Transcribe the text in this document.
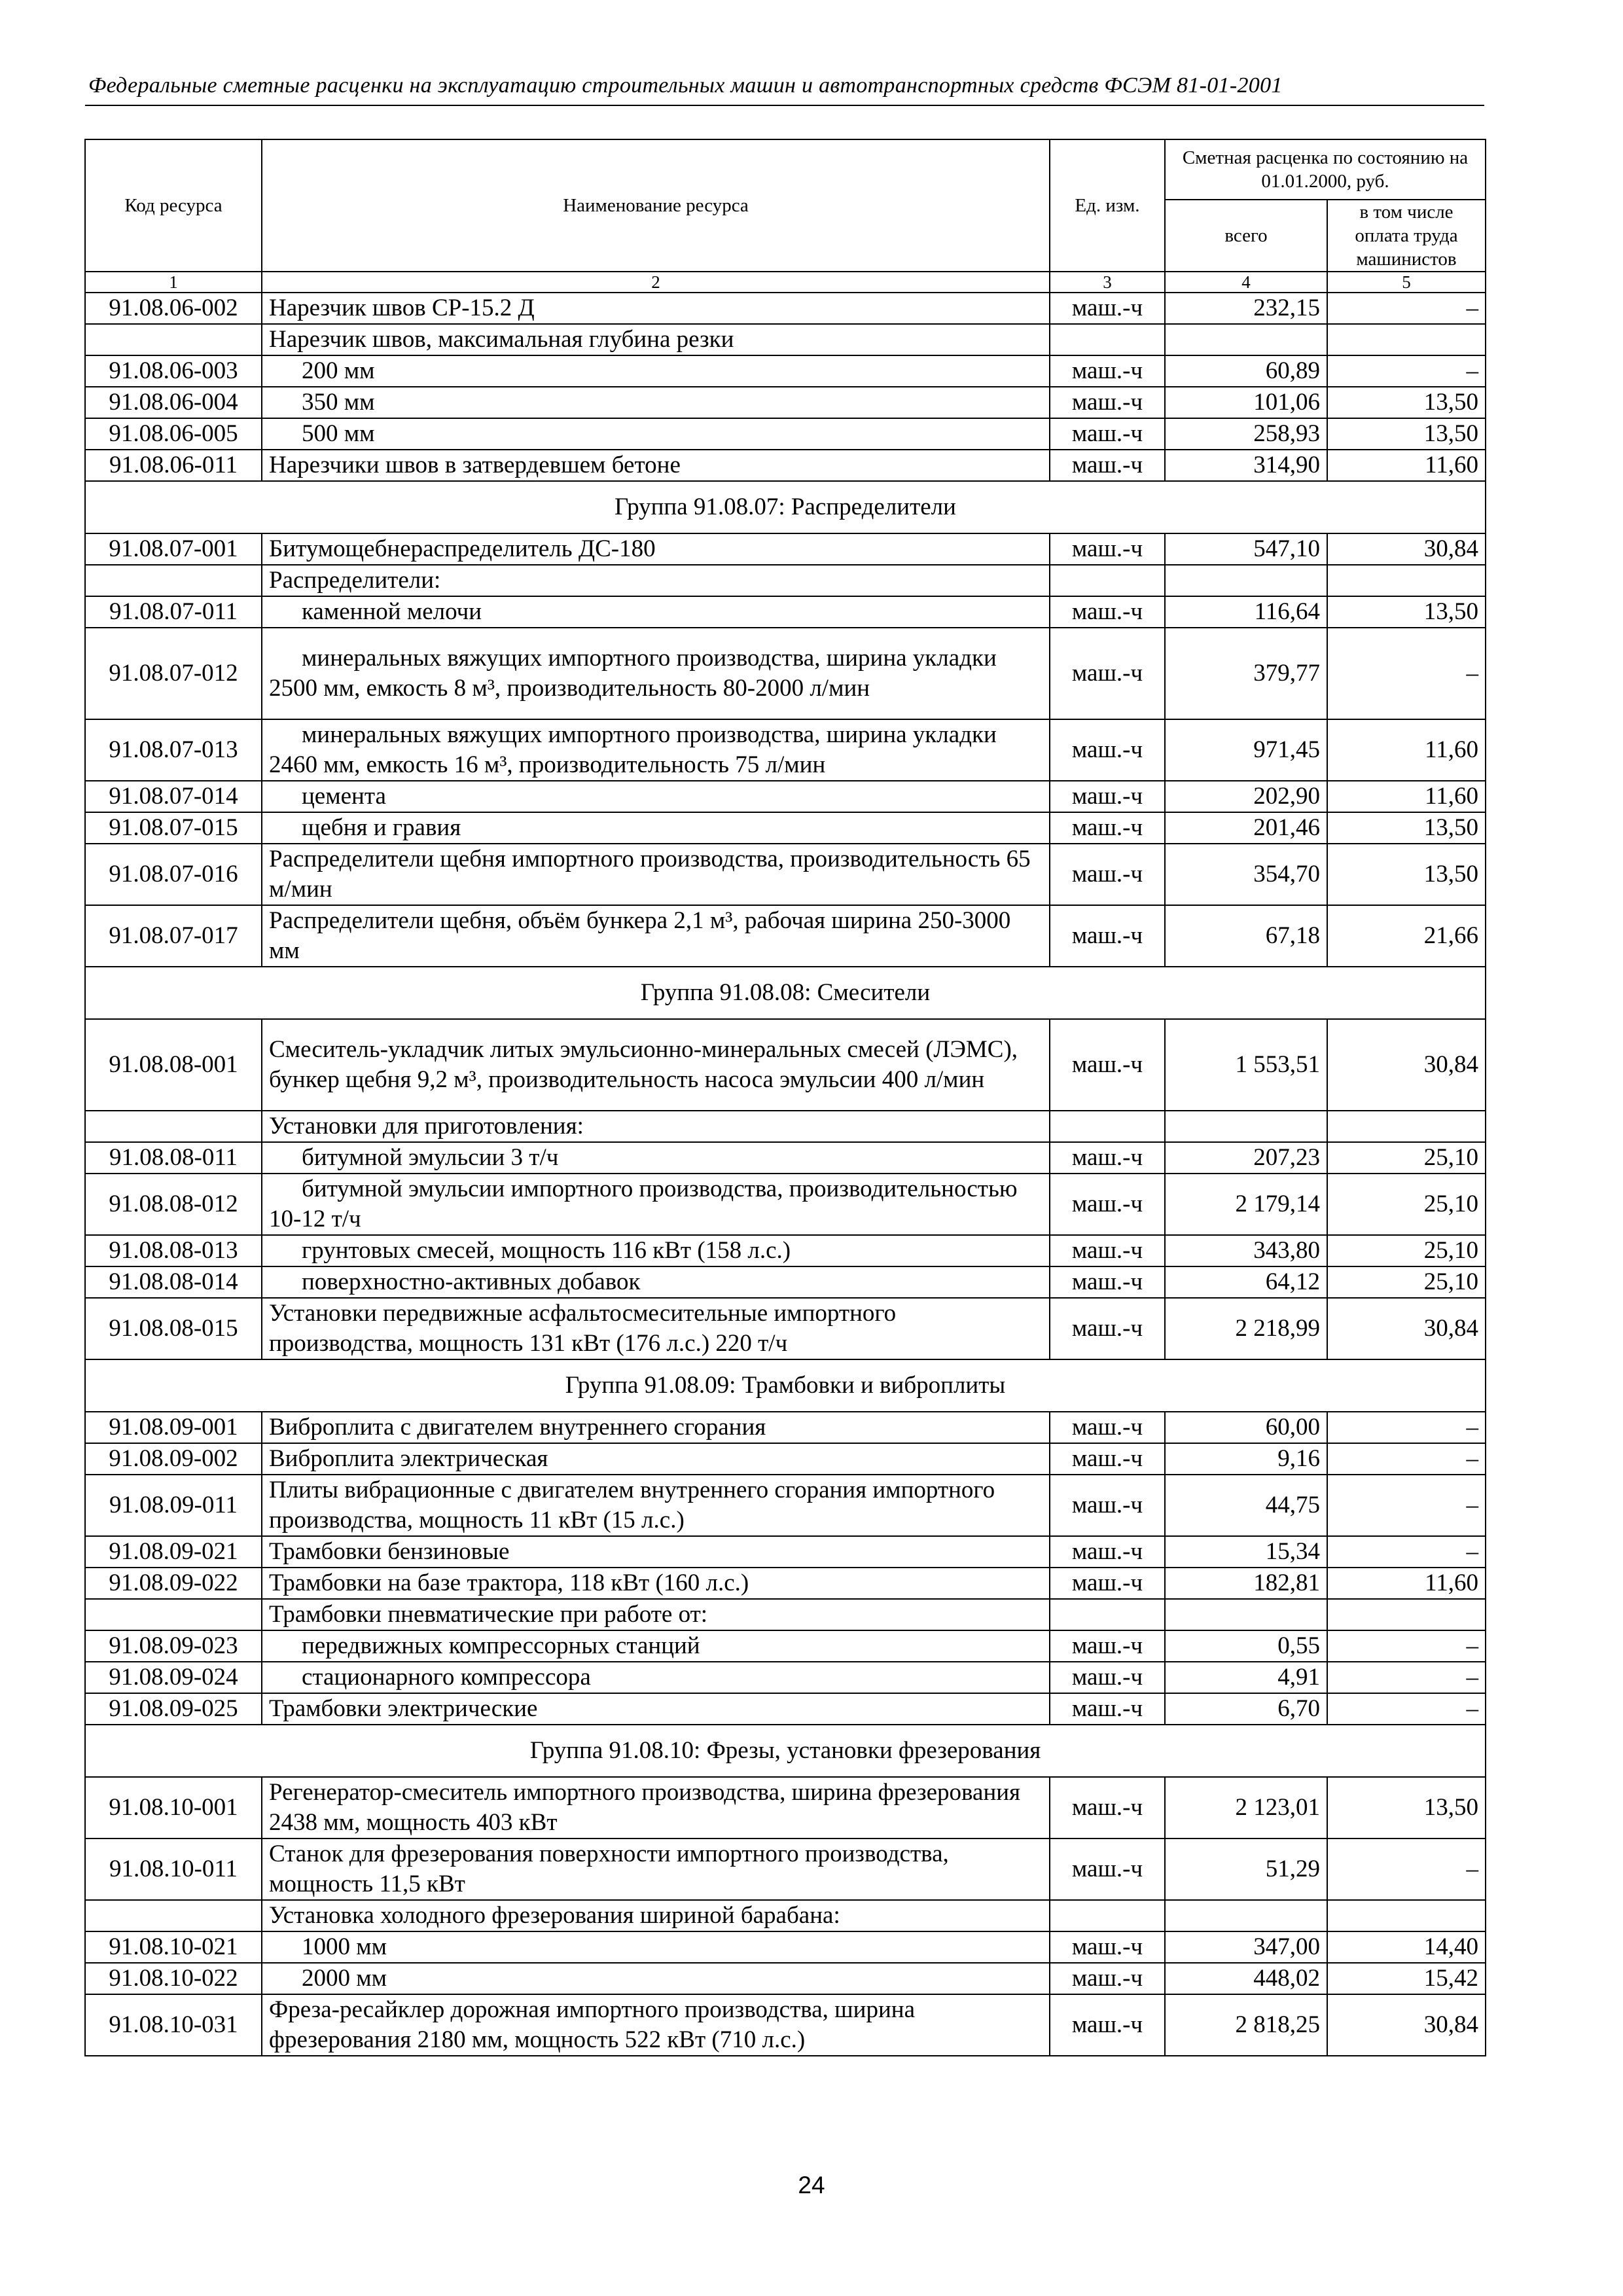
Федеральные сметные расценки на эксплуатацию строительных машин и автотранспортных средств ФСЭМ 81-01-2001
Код ресурса	Наименование ресурса	Ед. изм.	Сметная расценка по состоянию на 01.01.2000, руб.	
			всего	в том числе оплата труда машинистов
1	2	3	4	5
91.08.06-002	Нарезчик швов СР-15.2 Д	маш.-ч	232,15	–
	Нарезчик швов, максимальная глубина резки			
91.08.06-003	200 мм	маш.-ч	60,89	–
91.08.06-004	350 мм	маш.-ч	101,06	13,50
91.08.06-005	500 мм	маш.-ч	258,93	13,50
91.08.06-011	Нарезчики швов в затвердевшем бетоне	маш.-ч	314,90	11,60
Группа 91.08.07: Распределители				
91.08.07-001	Битумощебнераспределитель ДС-180	маш.-ч	547,10	30,84
	Распределители:			
91.08.07-011	каменной мелочи	маш.-ч	116,64	13,50
91.08.07-012	минеральных вяжущих импортного производства, ширина укладки 2500 мм, емкость 8 м³, производительность 80-2000 л/мин	маш.-ч	379,77	–
91.08.07-013	минеральных вяжущих импортного производства, ширина укладки 2460 мм, емкость 16 м³, производительность 75 л/мин	маш.-ч	971,45	11,60
91.08.07-014	цемента	маш.-ч	202,90	11,60
91.08.07-015	щебня и гравия	маш.-ч	201,46	13,50
91.08.07-016	Распределители щебня импортного производства, производительность 65 м/мин	маш.-ч	354,70	13,50
91.08.07-017	Распределители щебня, объём бункера 2,1 м³, рабочая ширина 250-3000 мм	маш.-ч	67,18	21,66
Группа 91.08.08: Смесители				
91.08.08-001	Смеситель-укладчик литых эмульсионно-минеральных смесей (ЛЭМС), бункер щебня 9,2 м³, производительность насоса эмульсии 400 л/мин	маш.-ч	1 553,51	30,84
	Установки для приготовления:			
91.08.08-011	битумной эмульсии 3 т/ч	маш.-ч	207,23	25,10
91.08.08-012	битумной эмульсии импортного производства, производительностью 10-12 т/ч	маш.-ч	2 179,14	25,10
91.08.08-013	грунтовых смесей, мощность 116 кВт (158 л.с.)	маш.-ч	343,80	25,10
91.08.08-014	поверхностно-активных добавок	маш.-ч	64,12	25,10
91.08.08-015	Установки передвижные асфальтосмесительные импортного производства, мощность 131 кВт (176 л.с.) 220 т/ч	маш.-ч	2 218,99	30,84
Группа 91.08.09: Трамбовки и виброплиты				
91.08.09-001	Виброплита с двигателем внутреннего сгорания	маш.-ч	60,00	–
91.08.09-002	Виброплита электрическая	маш.-ч	9,16	–
91.08.09-011	Плиты вибрационные с двигателем внутреннего сгорания импортного производства, мощность 11 кВт (15 л.с.)	маш.-ч	44,75	–
91.08.09-021	Трамбовки бензиновые	маш.-ч	15,34	–
91.08.09-022	Трамбовки на базе трактора, 118 кВт (160 л.с.)	маш.-ч	182,81	11,60
	Трамбовки пневматические при работе от:			
91.08.09-023	передвижных компрессорных станций	маш.-ч	0,55	–
91.08.09-024	стационарного компрессора	маш.-ч	4,91	–
91.08.09-025	Трамбовки электрические	маш.-ч	6,70	–
Группа 91.08.10: Фрезы, установки фрезерования				
91.08.10-001	Регенератор-смеситель импортного производства, ширина фрезерования 2438 мм, мощность 403 кВт	маш.-ч	2 123,01	13,50
91.08.10-011	Станок для фрезерования поверхности импортного производства, мощность 11,5 кВт	маш.-ч	51,29	–
	Установка холодного фрезерования шириной барабана:			
91.08.10-021	1000 мм	маш.-ч	347,00	14,40
91.08.10-022	2000 мм	маш.-ч	448,02	15,42
91.08.10-031	Фреза-ресайклер дорожная импортного производства, ширина фрезерования 2180 мм, мощность 522 кВт (710 л.с.)	маш.-ч	2 818,25	30,84
24
